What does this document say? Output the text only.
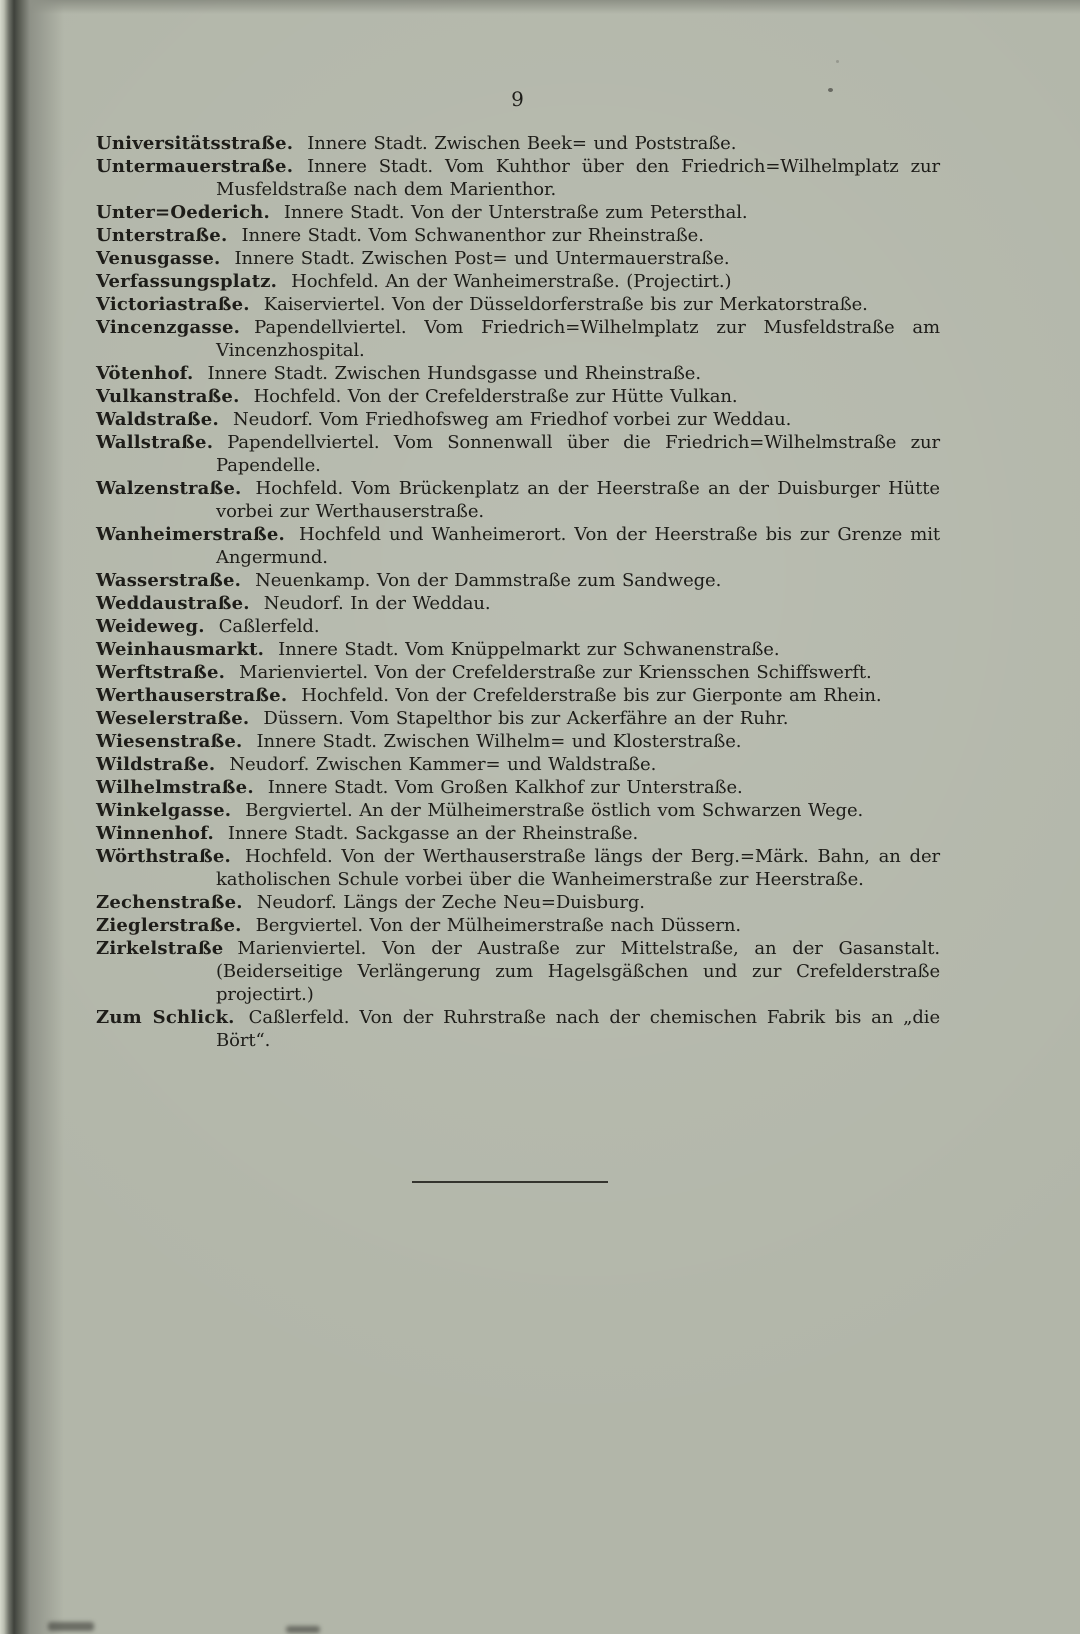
9

Universitätsstraße. Innere Stadt. Zwischen Beek= und Poststraße.

Untermauerstraße. Innere Stadt. Vom Kuhthor über den Friedrich=Wilhelmplatz zur Musfeldstraße nach dem Marienthor.

Unter=Oederich. Innere Stadt. Von der Unterstraße zum Petersthal.

Unterstraße. Innere Stadt. Vom Schwanenthor zur Rheinstraße.

Venusgasse. Innere Stadt. Zwischen Post= und Untermauerstraße.

Verfassungsplatz. Hochfeld. An der Wanheimerstraße. (Projectirt.)

Victoriastraße. Kaiserviertel. Von der Düsseldorferstraße bis zur Merkatorstraße.

Vincenzgasse. Papendellviertel. Vom Friedrich=Wilhelmplatz zur Musfeldstraße am Vincenzhospital.

Vötenhof. Innere Stadt. Zwischen Hundsgasse und Rheinstraße.

Vulkanstraße. Hochfeld. Von der Crefelderstraße zur Hütte Vulkan.

Waldstraße. Neudorf. Vom Friedhofsweg am Friedhof vorbei zur Weddau.

Wallstraße. Papendellviertel. Vom Sonnenwall über die Friedrich=Wilhelmstraße zur Papendelle.

Walzenstraße. Hochfeld. Vom Brückenplatz an der Heerstraße an der Duisburger Hütte vorbei zur Werthauserstraße.

Wanheimerstraße. Hochfeld und Wanheimerort. Von der Heerstraße bis zur Grenze mit Angermund.

Wasserstraße. Neuenkamp. Von der Dammstraße zum Sandwege.

Weddaustraße. Neudorf. In der Weddau.

Weideweg. Caßlerfeld.

Weinhausmarkt. Innere Stadt. Vom Knüppelmarkt zur Schwanenstraße.

Werftstraße. Marienviertel. Von der Crefelderstraße zur Kriensschen Schiffswerft.

Werthauserstraße. Hochfeld. Von der Crefelderstraße bis zur Gierponte am Rhein.

Weselerstraße. Düssern. Vom Stapelthor bis zur Ackerfähre an der Ruhr.

Wiesenstraße. Innere Stadt. Zwischen Wilhelm= und Klosterstraße.

Wildstraße. Neudorf. Zwischen Kammer= und Waldstraße.

Wilhelmstraße. Innere Stadt. Vom Großen Kalkhof zur Unterstraße.

Winkelgasse. Bergviertel. An der Mülheimerstraße östlich vom Schwarzen Wege.

Winnenhof. Innere Stadt. Sackgasse an der Rheinstraße.

Wörthstraße. Hochfeld. Von der Werthauserstraße längs der Berg.=Märk. Bahn, an der katholischen Schule vorbei über die Wanheimerstraße zur Heerstraße.

Zechenstraße. Neudorf. Längs der Zeche Neu=Duisburg.

Zieglerstraße. Bergviertel. Von der Mülheimerstraße nach Düssern.

Zirkelstraße Marienviertel. Von der Austraße zur Mittelstraße, an der Gasanstalt. (Beiderseitige Verlängerung zum Hagelsgäßchen und zur Crefelderstraße projectirt.)

Zum Schlick. Caßlerfeld. Von der Ruhrstraße nach der chemischen Fabrik bis an „die Bört“.
